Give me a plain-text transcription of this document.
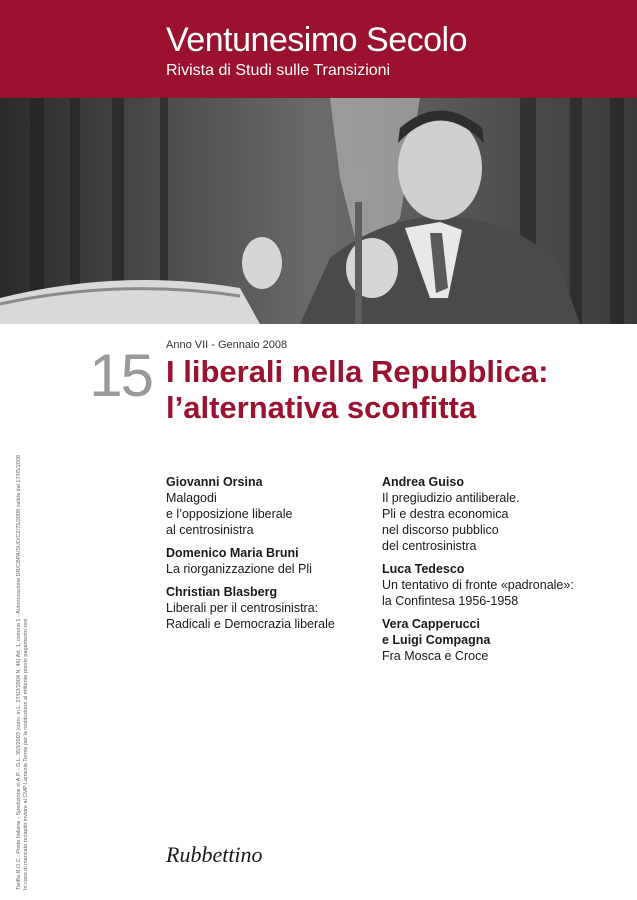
Ventunesimo Secolo
Rivista di Studi sulle Transizioni
Anno VII - Gennaio 2008
15 I liberali nella Repubblica:
l’alternativa sconfitta
Giovanni Orsina
Malagodi
e l’opposizione liberale
al centrosinistra
Domenico Maria Bruni
La riorganizzazione del Pli
Christian Blasberg
Liberali per il centrosinistra:
Radicali e Democrazia liberale
Andrea Guiso
Il pregiudizio antiliberale.
Pli e destra economica
nel discorso pubblico
del centrosinistra
Luca Tedesco
Un tentativo di fronte «padronale»:
la Confintesa 1956-1958
Vera Capperucci
e Luigi Compagna
Fra Mosca e Croce
Tariffa R.O.C.: Poste Italiane - Spedizione in A.P. - D.L. 353/2003 (conv. in L. 27/02/2004 N. 46) Art. 1, comma 1 - Autorizzazione DR/CBPA/SUD/CZ/75/2008 valida dal 17/05/2008
In caso di mancato recapito inviare al CMP Lamezia Terme per la restituzione al mittente previo pagamento resi
Rubbettino
